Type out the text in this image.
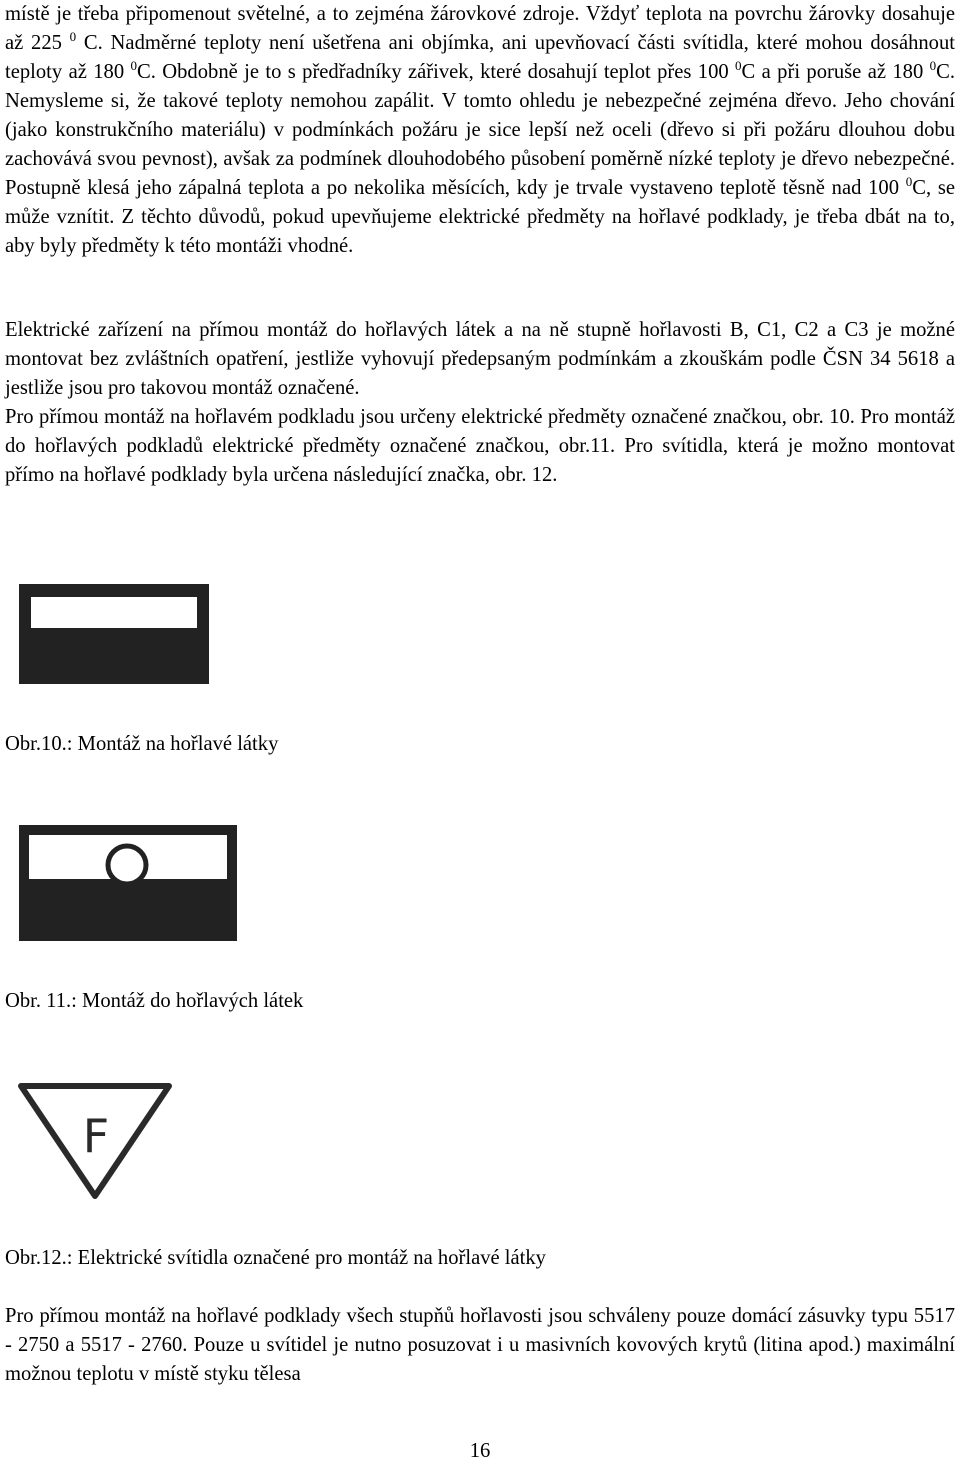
místě je třeba připomenout světelné, a to zejména žárovkové zdroje. Vždyť teplota na povrchu žárovky dosahuje až 225 $^0$ C. Nadměrné teploty není ušetřena ani objímka, ani upevňovací části svítidla, které mohou dosáhnout teploty až 180 $^0$C. Obdobně je to s předřadníky zářivek, které dosahují teplot přes 100 $^0$C a při poruše až 180 $^0$C. Nemysleme si, že takové teploty nemohou zapálit. V tomto ohledu je nebezpečné zejména dřevo. Jeho chování (jako konstrukčního materiálu) v podmínkách požáru je sice lepší než oceli (dřevo si při požáru dlouhou dobu zachovává svou pevnost), avšak za podmínek dlouhodobého působení poměrně nízké teploty je dřevo nebezpečné. Postupně klesá jeho zápalná teplota a po nekolika měsících, kdy je trvale vystaveno teplotě těsně nad 100 $^0$C, se může vznítit. Z těchto důvodů, pokud upevňujeme elektrické předměty na hořlavé podklady, je třeba dbát na to, aby byly předměty k této montáži vhodné.

Obr.10.: Montáž na hořlavé látky
Obr. 11.: Montáž do hořlavých látek
F
Obr.12.: Elektrické svítidla označené pro montáž na hořlavé látky

Elektrické zařízení na přímou montáž do hořlavých látek a na ně stupně hořlavosti B, C1, C2 a C3 je možné montovat bez zvláštních opatření, jestliže vyhovují předepsaným podmínkám a zkouškám podle ČSN 34 5618 a jestliže jsou pro takovou montáž označené.

Pro přímou montáž na hořlavém podkladu jsou určeny elektrické předměty označené značkou, obr. 10. Pro montáž do hořlavých podkladů elektrické předměty označené značkou, obr.11. Pro svítidla, která je možno montovat přímo na hořlavé podklady byla určena následující značka, obr. 12.

Pro přímou montáž na hořlavé podklady všech stupňů hořlavosti jsou schváleny pouze domácí zásuvky typu 5517 - 2750 a 5517 - 2760. Pouze u svítidel je nutno posuzovat i u masivních kovových krytů (litina apod.) maximální možnou teplotu v místě styku tělesa

16
